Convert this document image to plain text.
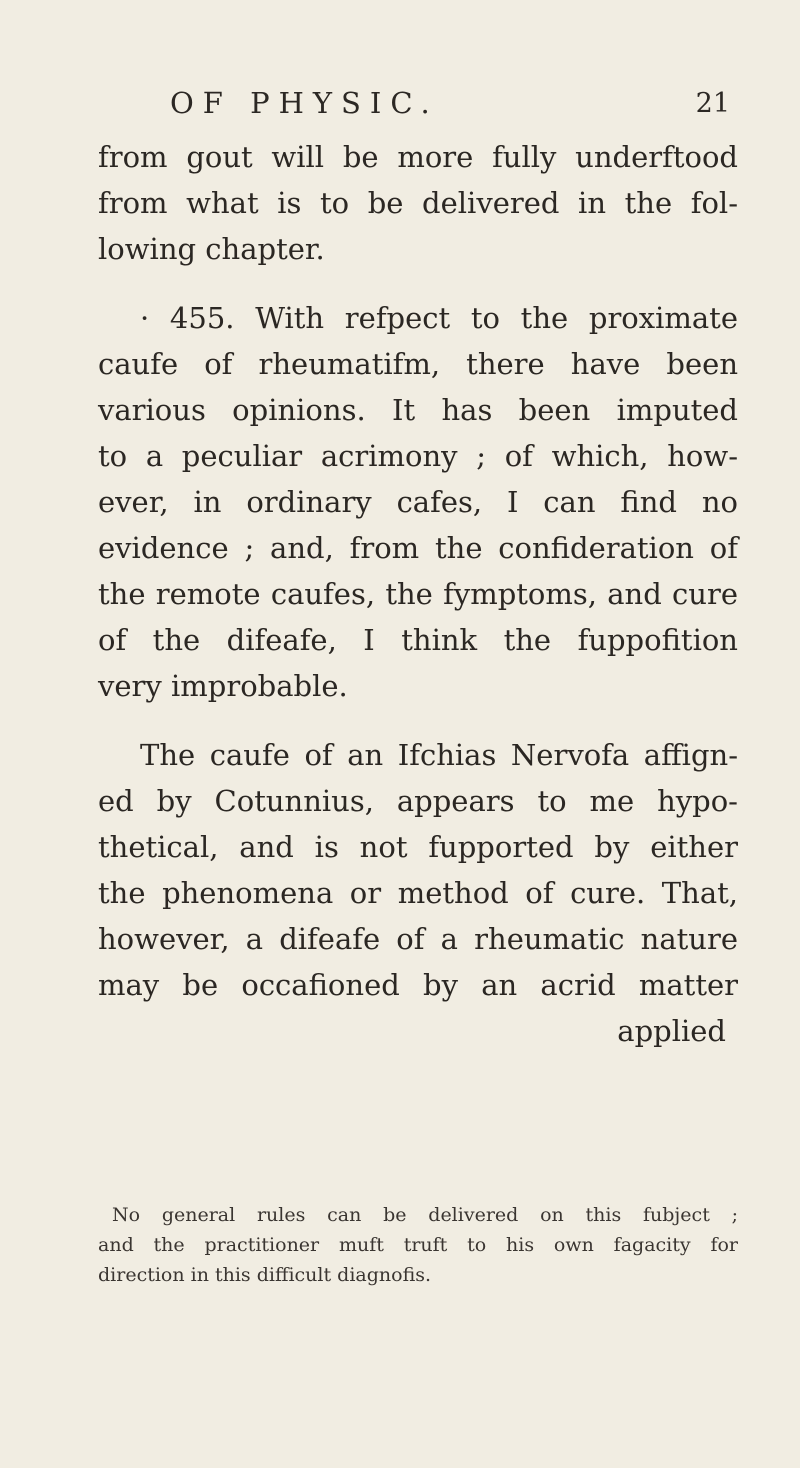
OF PHYSIC.	21
from gout will be more fully underftood
from what is to be delivered in the fol-
lowing chapter.
· 455. With refpect to the proximate
caufe of rheumatifm, there have been
various opinions. It has been imputed
to a peculiar acrimony ; of which, how-
ever, in ordinary cafes, I can find no
evidence ; and, from the confideration of
the remote caufes, the fymptoms, and cure
of the difeafe, I think the fuppofition
very improbable.
The caufe of an Ifchias Nervofa affign-
ed by Cotunnius, appears to me hypo-
thetical, and is not fupported by either
the phenomena or method of cure. That,
however, a difeafe of a rheumatic nature
may be occafioned by an acrid matter
applied
No general rules can be delivered on this fubject ;
and the practitioner muft truft to his own fagacity for
direction in this difficult diagnofis.
